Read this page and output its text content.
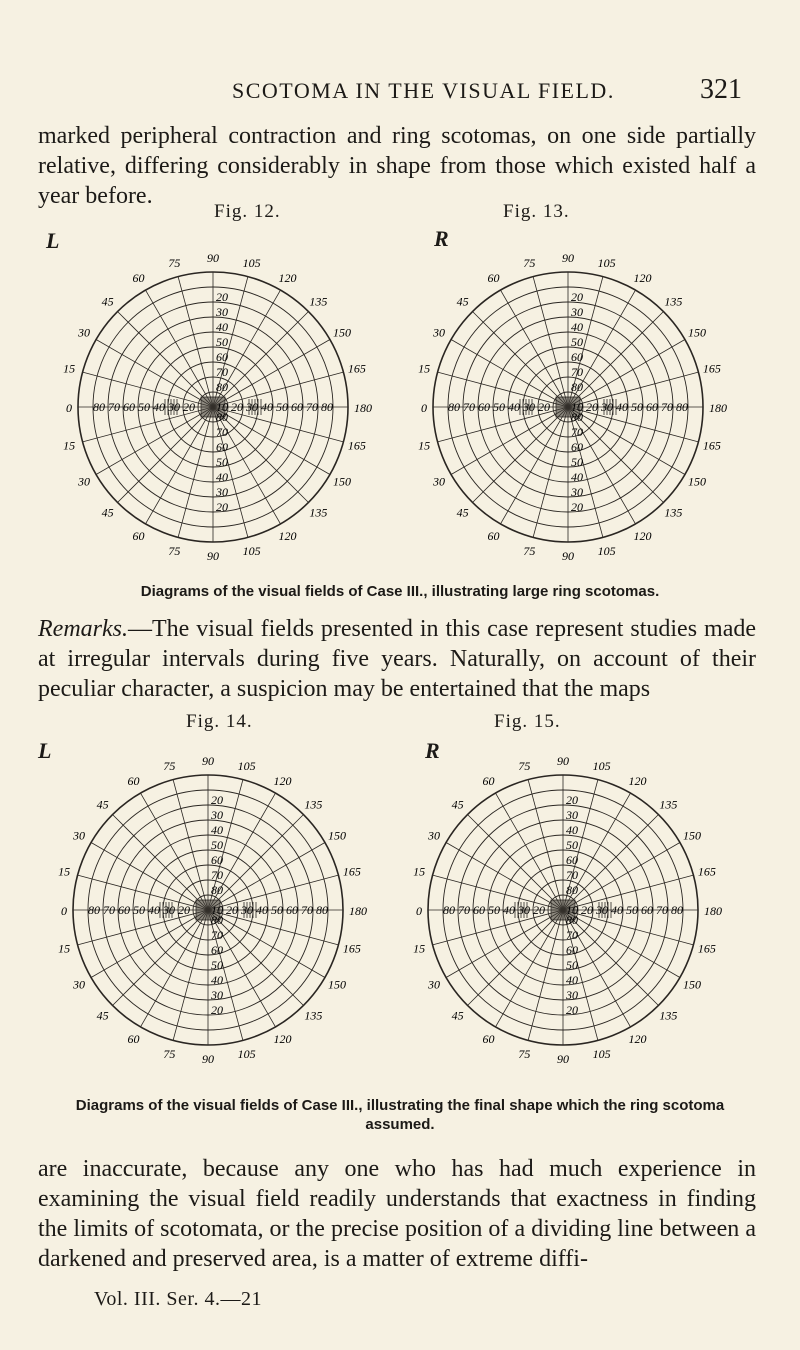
SCOTOMA IN THE VISUAL FIELD.	321

marked peripheral contraction and ring scotomas, on one side partially relative, differing considerably in shape from those which existed half a year before.

Fig. 12.
L
0	180
15
30
45
60
75 90 105
120
135
150
165
15
30
45
60
75 90 105
120
135
150
165
20
20
30
30
40
40
50
50
60
60
70
70
80
80
80 70 60 50 40 30 20 10 20 30 40 50 60 70 80
Fig. 13.
R
0	180
15
30
45
60
75 90 105
120
135
150
165
15
30
45
60
75 90 105
120
135
150
165
20
20
30
30
40
40
50
50
60
60
70
70
80
80
80 70 60 50 40 30 20 10 20 30 40 50 60 70 80
Diagrams of the visual fields of Case III., illustrating large ring scotomas.

Remarks.—The visual fields presented in this case represent studies made at irregular intervals during five years. Naturally, on account of their peculiar character, a suspicion may be entertained that the maps

Fig. 14.
L
0	180
15
30
45
60
75 90 105
120
135
150
165
15
30
45
60
75 90 105
120
135
150
165
20
20
30
30
40
40
50
50
60
60
70
70
80
80
80 70 60 50 40 30 20 10 20 30 40 50 60 70 80
Fig. 15.
R
0	180
15
30
45
60
75 90 105
120
135
150
165
15
30
45
60
75 90 105
120
135
150
165
20
20
30
30
40
40
50
50
60
60
70
70
80
80
80 70 60 50 40 30 20 10 20 30 40 50 60 70 80
Diagrams of the visual fields of Case III., illustrating the final shape which the ring scotoma
assumed.

are inaccurate, because any one who has had much experience in examining the visual field readily understands that exactness in finding the limits of scotomata, or the precise position of a dividing line between a darkened and preserved area, is a matter of extreme diffi-

Vol. III. Ser. 4.—21
